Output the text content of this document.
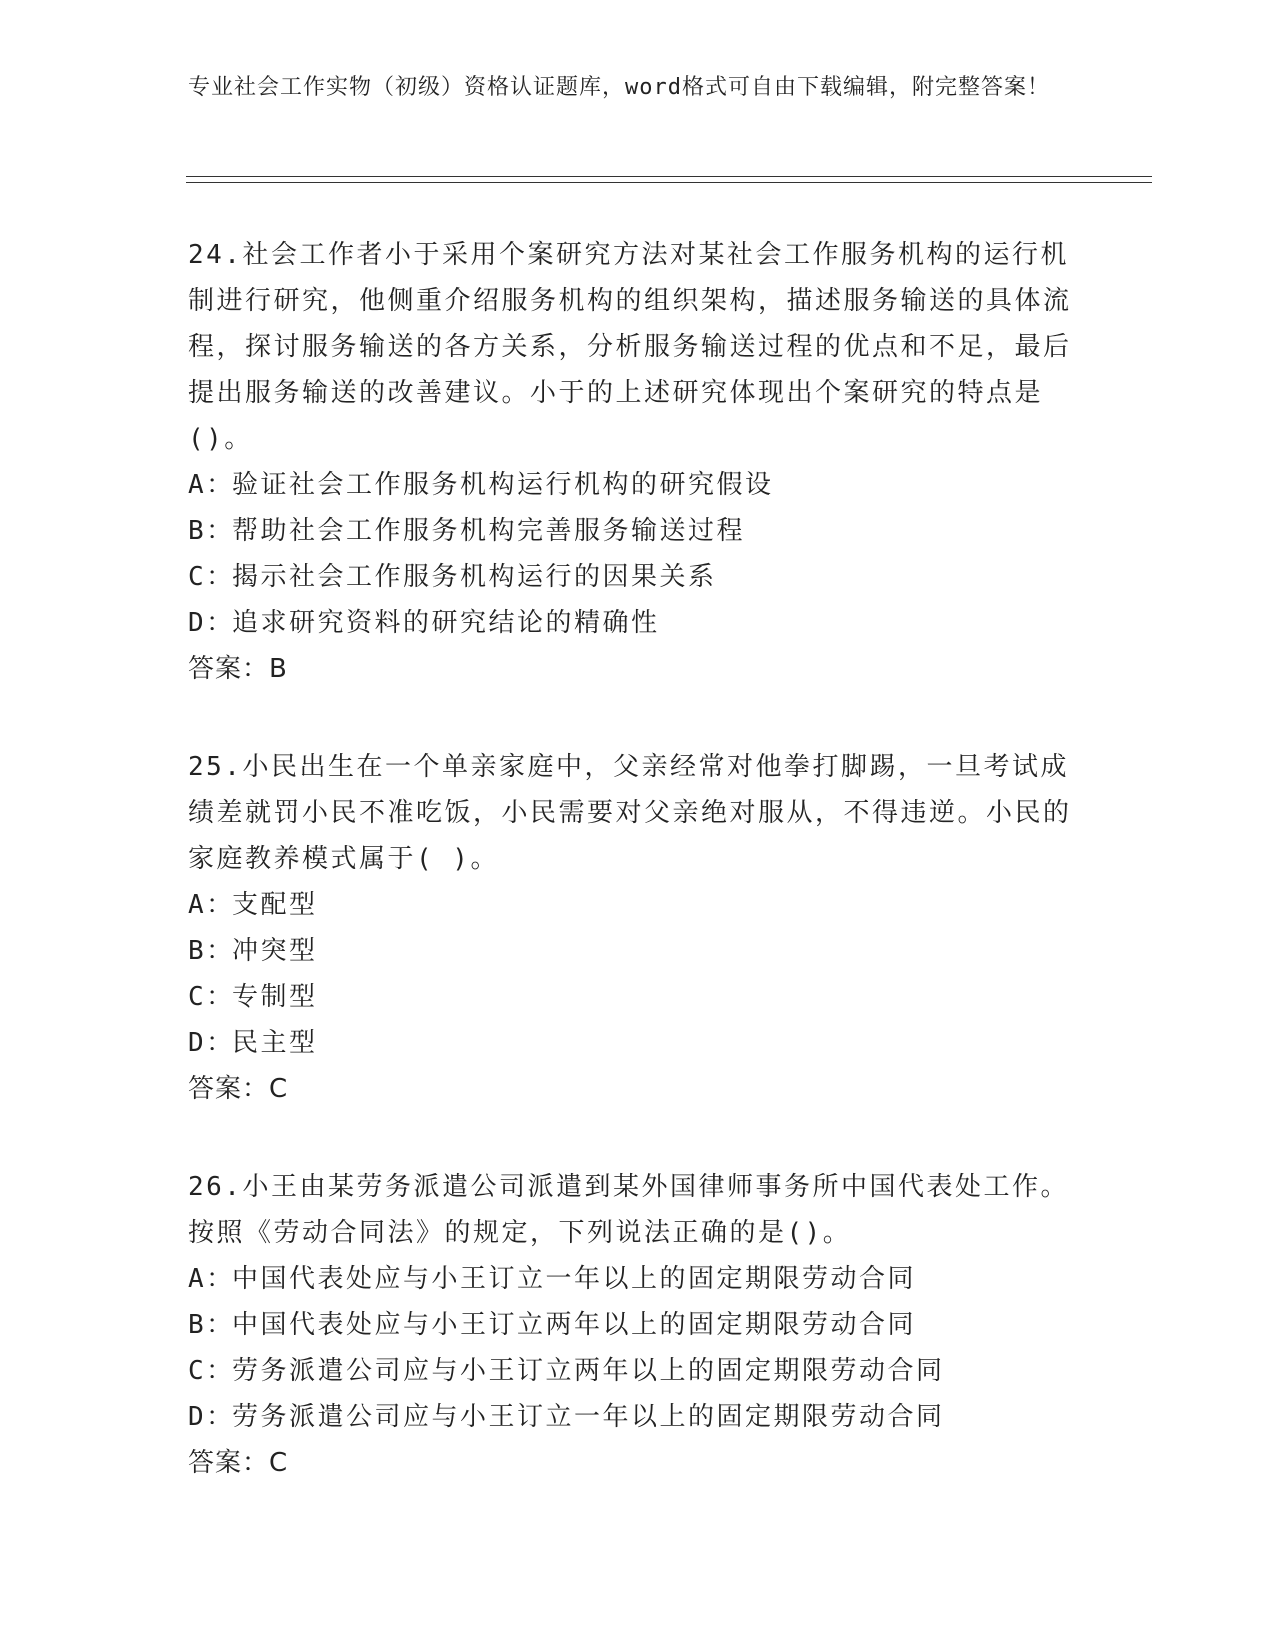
专业社会工作实物（初级）资格认证题库，word格式可自由下载编辑，附完整答案！

24.社会工作者小于采用个案研究方法对某社会工作服务机构的运行机制进行研究，他侧重介绍服务机构的组织架构，描述服务输送的具体流程，探讨服务输送的各方关系，分析服务输送过程的优点和不足，最后提出服务输送的改善建议。小于的上述研究体现出个案研究的特点是()。

A：验证社会工作服务机构运行机构的研究假设

B：帮助社会工作服务机构完善服务输送过程

C：揭示社会工作服务机构运行的因果关系

D：追求研究资料的研究结论的精确性

答案：B

25.小民出生在一个单亲家庭中，父亲经常对他拳打脚踢，一旦考试成绩差就罚小民不准吃饭，小民需要对父亲绝对服从，不得违逆。小民的家庭教养模式属于( )。

A：支配型

B：冲突型

C：专制型

D：民主型

答案：C

26.小王由某劳务派遣公司派遣到某外国律师事务所中国代表处工作。按照《劳动合同法》的规定，下列说法正确的是()。

A：中国代表处应与小王订立一年以上的固定期限劳动合同

B：中国代表处应与小王订立两年以上的固定期限劳动合同

C：劳务派遣公司应与小王订立两年以上的固定期限劳动合同

D：劳务派遣公司应与小王订立一年以上的固定期限劳动合同

答案：C
